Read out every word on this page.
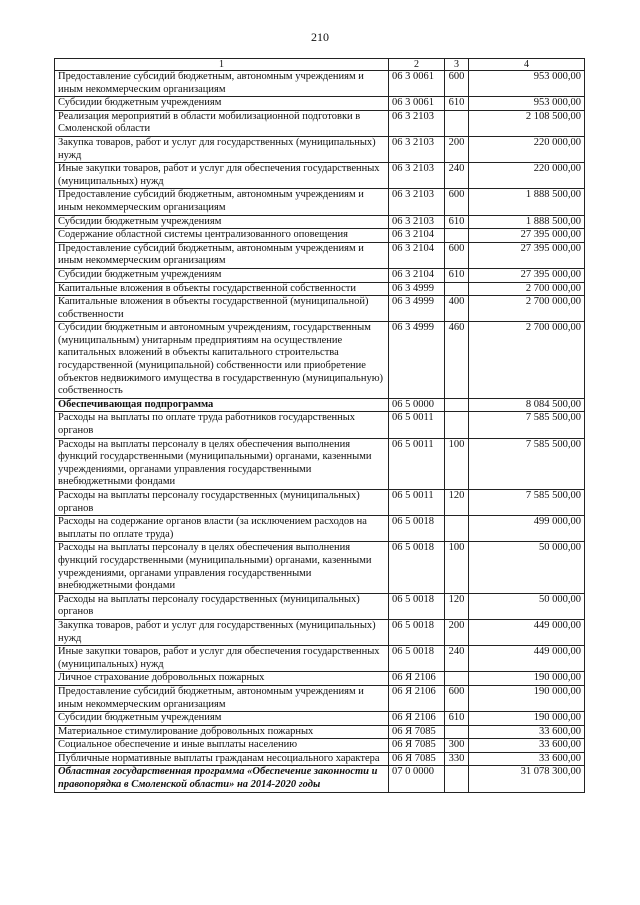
210
1	2	3	4
Предоставление субсидий бюджетным, автономным учреждениям и иным некоммерческим организациям	06 3 0061	600	953 000,00
Субсидии бюджетным учреждениям	06 3 0061	610	953 000,00
Реализация мероприятий в области мобилизационной подготовки в Смоленской области	06 3 2103		2 108 500,00
Закупка товаров, работ и услуг для государственных (муниципальных) нужд	06 3 2103	200	220 000,00
Иные закупки товаров, работ и услуг для обеспечения государственных (муниципальных) нужд	06 3 2103	240	220 000,00
Предоставление субсидий бюджетным, автономным учреждениям и иным некоммерческим организациям	06 3 2103	600	1 888 500,00
Субсидии бюджетным учреждениям	06 3 2103	610	1 888 500,00
Содержание областной системы централизованного оповещения	06 3 2104		27 395 000,00
Предоставление субсидий бюджетным, автономным учреждениям и иным некоммерческим организациям	06 3 2104	600	27 395 000,00
Субсидии бюджетным учреждениям	06 3 2104	610	27 395 000,00
Капитальные вложения в объекты государственной собственности	06 3 4999		2 700 000,00
Капитальные вложения в объекты государственной (муниципальной) собственности	06 3 4999	400	2 700 000,00
Субсидии бюджетным и автономным учреждениям, государственным (муниципальным) унитарным предприятиям на осуществление капитальных вложений в объекты капитального строительства государственной (муниципальной) собственности или приобретение объектов недвижимого имущества в государственную (муниципальную) собственность	06 3 4999	460	2 700 000,00
Обеспечивающая подпрограмма	06 5 0000		8 084 500,00
Расходы на выплаты по оплате труда работников государственных органов	06 5 0011		7 585 500,00
Расходы на выплаты персоналу в целях обеспечения выполнения функций государственными (муниципальными) органами, казенными учреждениями, органами управления государственными внебюджетными фондами	06 5 0011	100	7 585 500,00
Расходы на выплаты персоналу государственных (муниципальных) органов	06 5 0011	120	7 585 500,00
Расходы на содержание органов власти (за исключением расходов на выплаты по оплате труда)	06 5 0018		499 000,00
Расходы на выплаты персоналу в целях обеспечения выполнения функций государственными (муниципальными) органами, казенными учреждениями, органами управления государственными внебюджетными фондами	06 5 0018	100	50 000,00
Расходы на выплаты персоналу государственных (муниципальных) органов	06 5 0018	120	50 000,00
Закупка товаров, работ и услуг для государственных (муниципальных) нужд	06 5 0018	200	449 000,00
Иные закупки товаров, работ и услуг для обеспечения государственных (муниципальных) нужд	06 5 0018	240	449 000,00
Личное страхование добровольных пожарных	06 Я 2106		190 000,00
Предоставление субсидий бюджетным, автономным учреждениям и иным некоммерческим организациям	06 Я 2106	600	190 000,00
Субсидии бюджетным учреждениям	06 Я 2106	610	190 000,00
Материальное стимулирование добровольных пожарных	06 Я 7085		33 600,00
Социальное обеспечение и иные выплаты населению	06 Я 7085	300	33 600,00
Публичные нормативные выплаты гражданам несоциального характера	06 Я 7085	330	33 600,00
Областная государственная программа «Обеспечение законности и правопорядка в Смоленской области» на 2014-2020 годы	07 0 0000		31 078 300,00
